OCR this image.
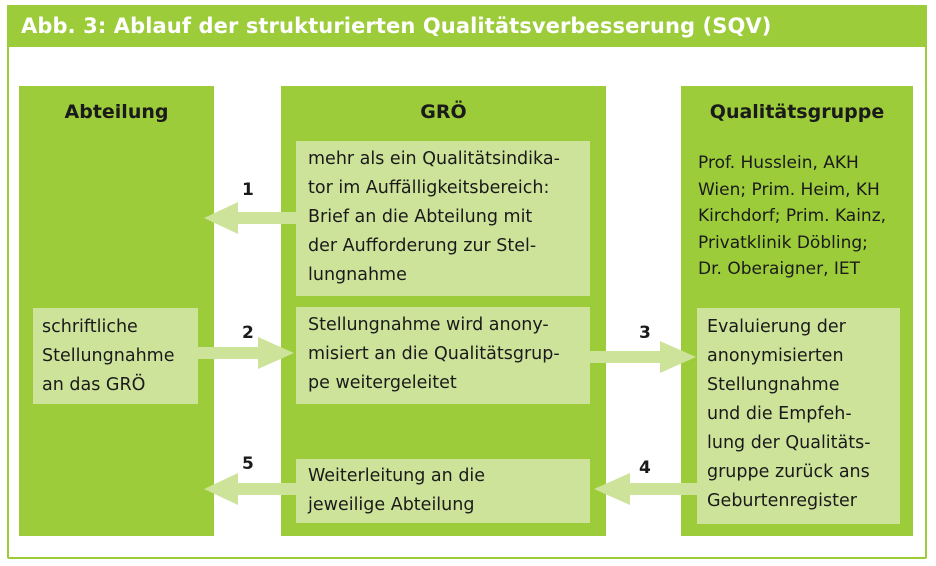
Abb. 3: Ablauf der strukturierten Qualitätsverbesserung (SQV)
Abteilung	GRÖ	Qualitätsgruppe

mehr als ein Qualitätsindika-

tor im Auffälligkeitsbereich:

Brief an die Abteilung mit

der Aufforderung zur Stel-

lungnahme

Stellungnahme wird anony-

misiert an die Qualitätsgrup-

pe weitergeleitet

Weiterleitung an die

jeweilige Abteilung

schriftliche

Stellungnahme

an das GRÖ

Prof. Husslein, AKH

Wien; Prim. Heim, KH

Kirchdorf; Prim. Kainz,

Privatklinik Döbling;

Dr. Oberaigner, IET

Evaluierung der

anonymisierten

Stellungnahme

und die Empfeh-

lung der Qualitäts-

gruppe zurück ans

Geburtenregister

1
2	3
4
5
